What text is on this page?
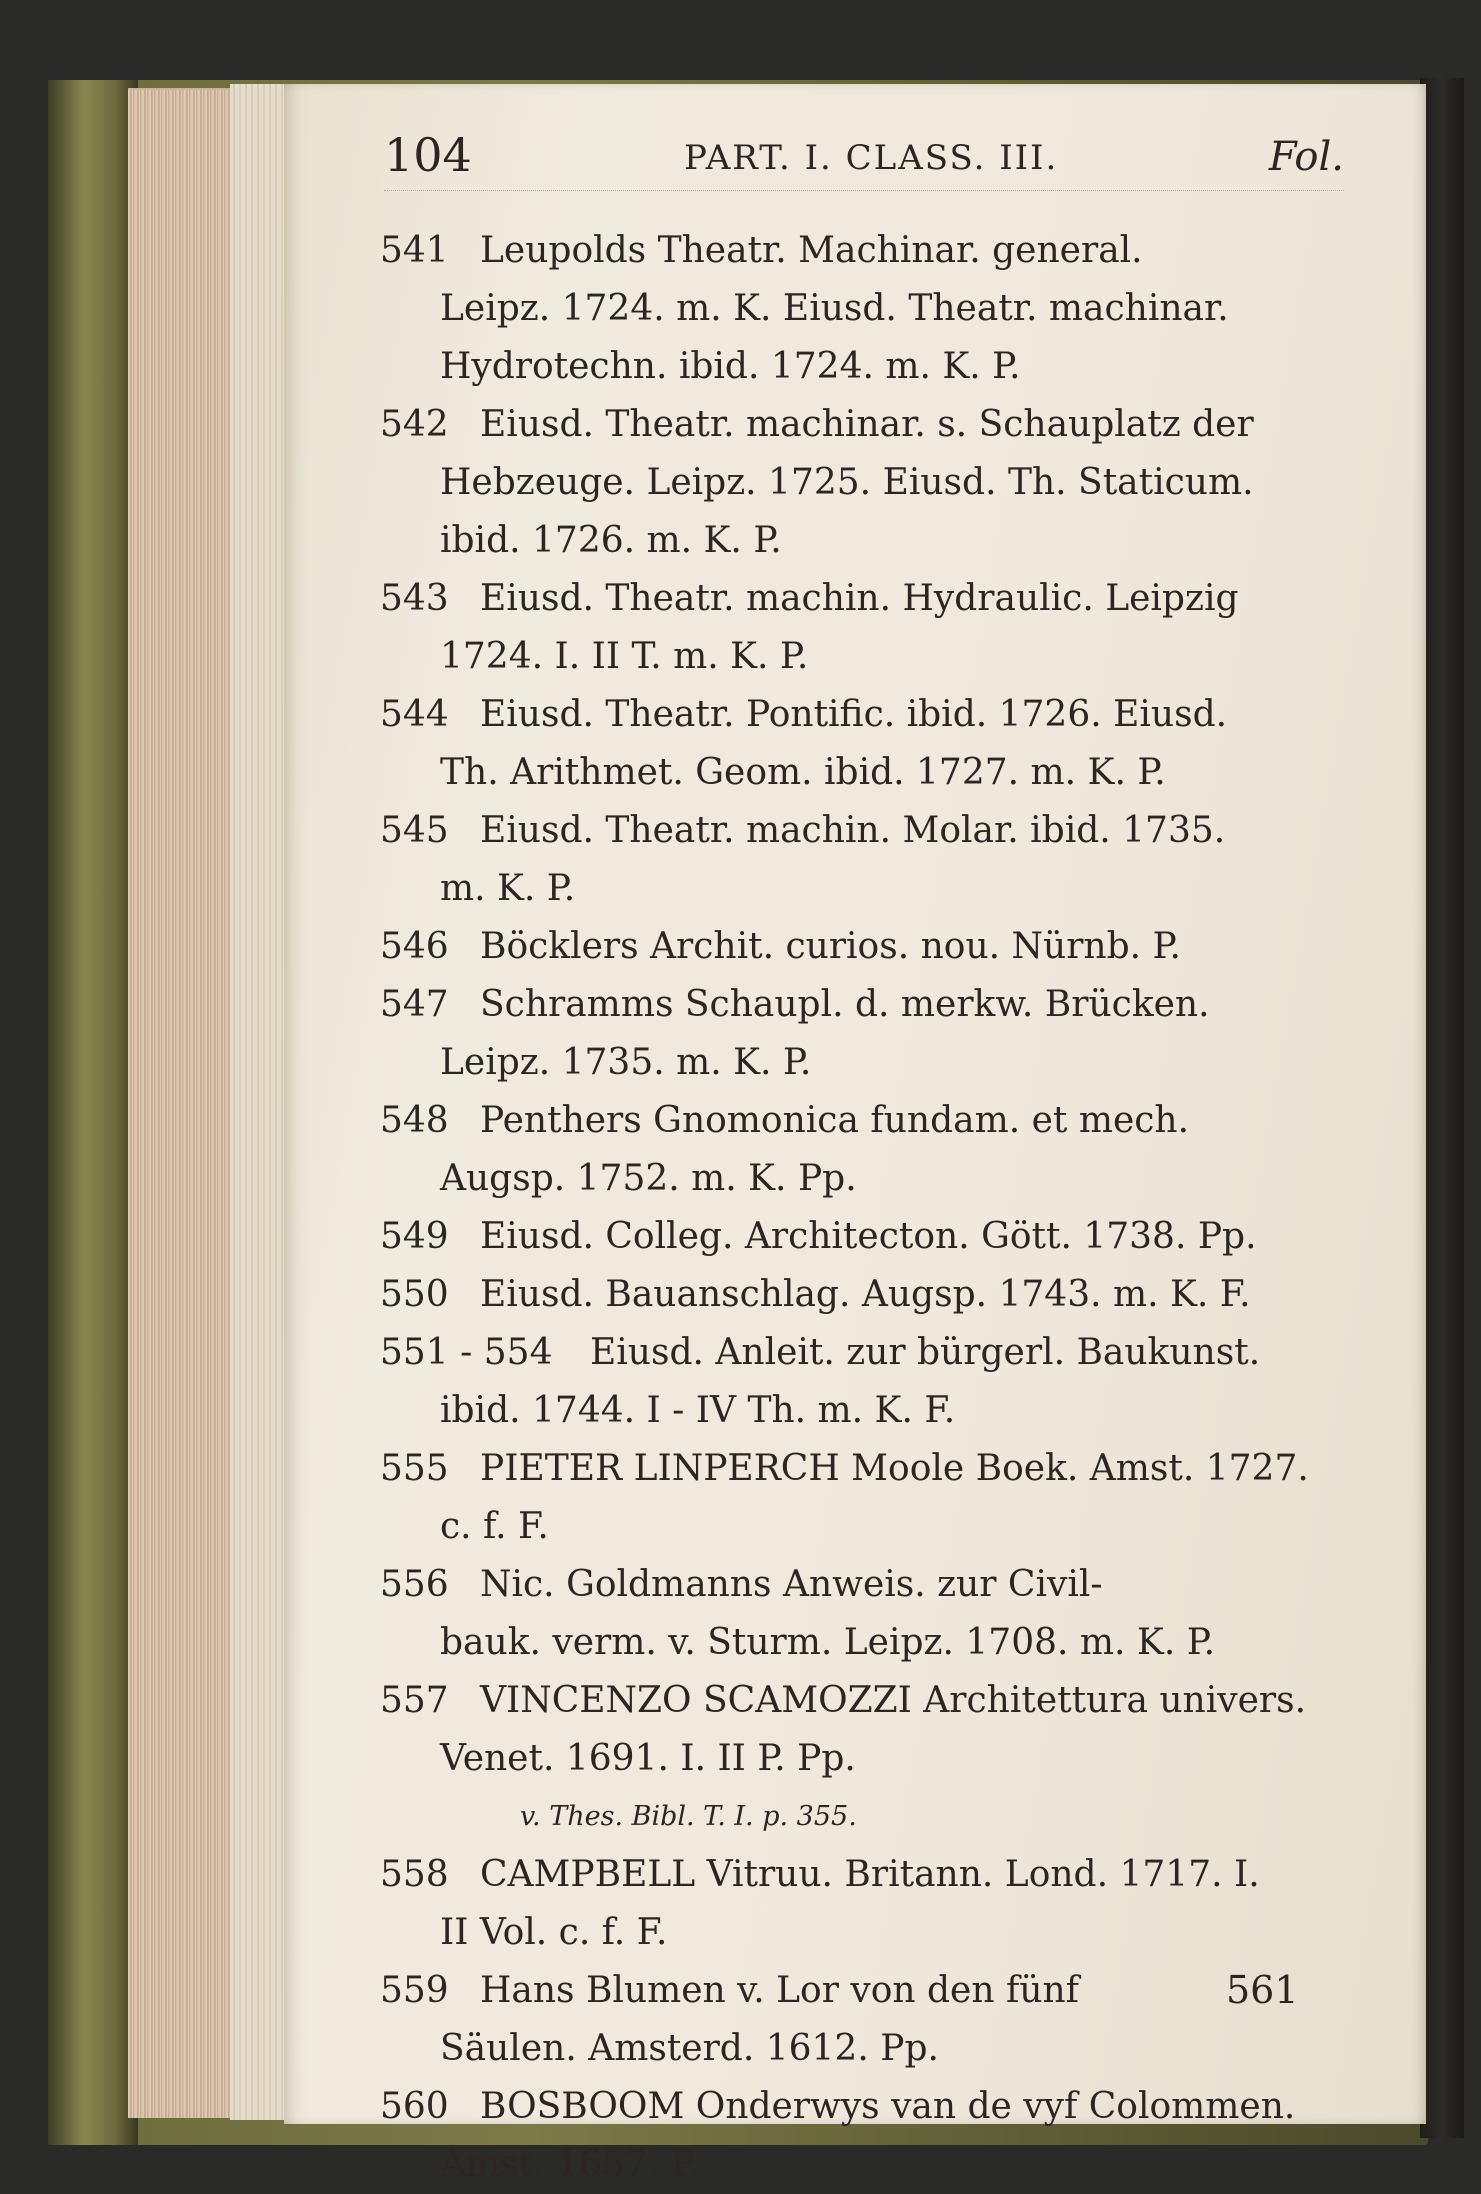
104	PART. I. CLASS. III.	Fol.
541 Leupolds Theatr. Machinar. general.
Leipz. 1724. m. K. Eiusd. Theatr. machinar.
Hydrotechn. ibid. 1724. m. K. P.
542 Eiusd. Theatr. machinar. s. Schauplatz der
Hebzeuge. Leipz. 1725. Eiusd. Th. Staticum.
ibid. 1726. m. K. P.
543 Eiusd. Theatr. machin. Hydraulic. Leipzig
1724. I. II T. m. K. P.
544 Eiusd. Theatr. Pontific. ibid. 1726. Eiusd.
Th. Arithmet. Geom. ibid. 1727. m. K. P.
545 Eiusd. Theatr. machin. Molar. ibid. 1735.
m. K. P.
546 Böcklers Archit. curios. nou. Nürnb. P.
547 Schramms Schaupl. d. merkw. Brücken.
Leipz. 1735. m. K. P.
548 Penthers Gnomonica fundam. et mech.
Augsp. 1752. m. K. Pp.
549 Eiusd. Colleg. Architecton. Gött. 1738. Pp.
550 Eiusd. Bauanschlag. Augsp. 1743. m. K. F.
551 - 554 Eiusd. Anleit. zur bürgerl. Baukunst.
ibid. 1744. I - IV Th. m. K. F.
555 PIETER LINPERCH Moole Boek. Amst. 1727.
c. f. F.
556 Nic. Goldmanns Anweis. zur Civil-
bauk. verm. v. Sturm. Leipz. 1708. m. K. P.
557 VINCENZO SCAMOZZI Architettura univers.
Venet. 1691. I. II P. Pp.
v. Thes. Bibl. T. I. p. 355.
558 CAMPBELL Vitruu. Britann. Lond. 1717. I.
II Vol. c. f. F.
559 Hans Blumen v. Lor von den fünf
Säulen. Amsterd. 1612. Pp.
560 BOSBOOM Onderwys van de vyf Colommen.
Amst. 1657. P.
561
